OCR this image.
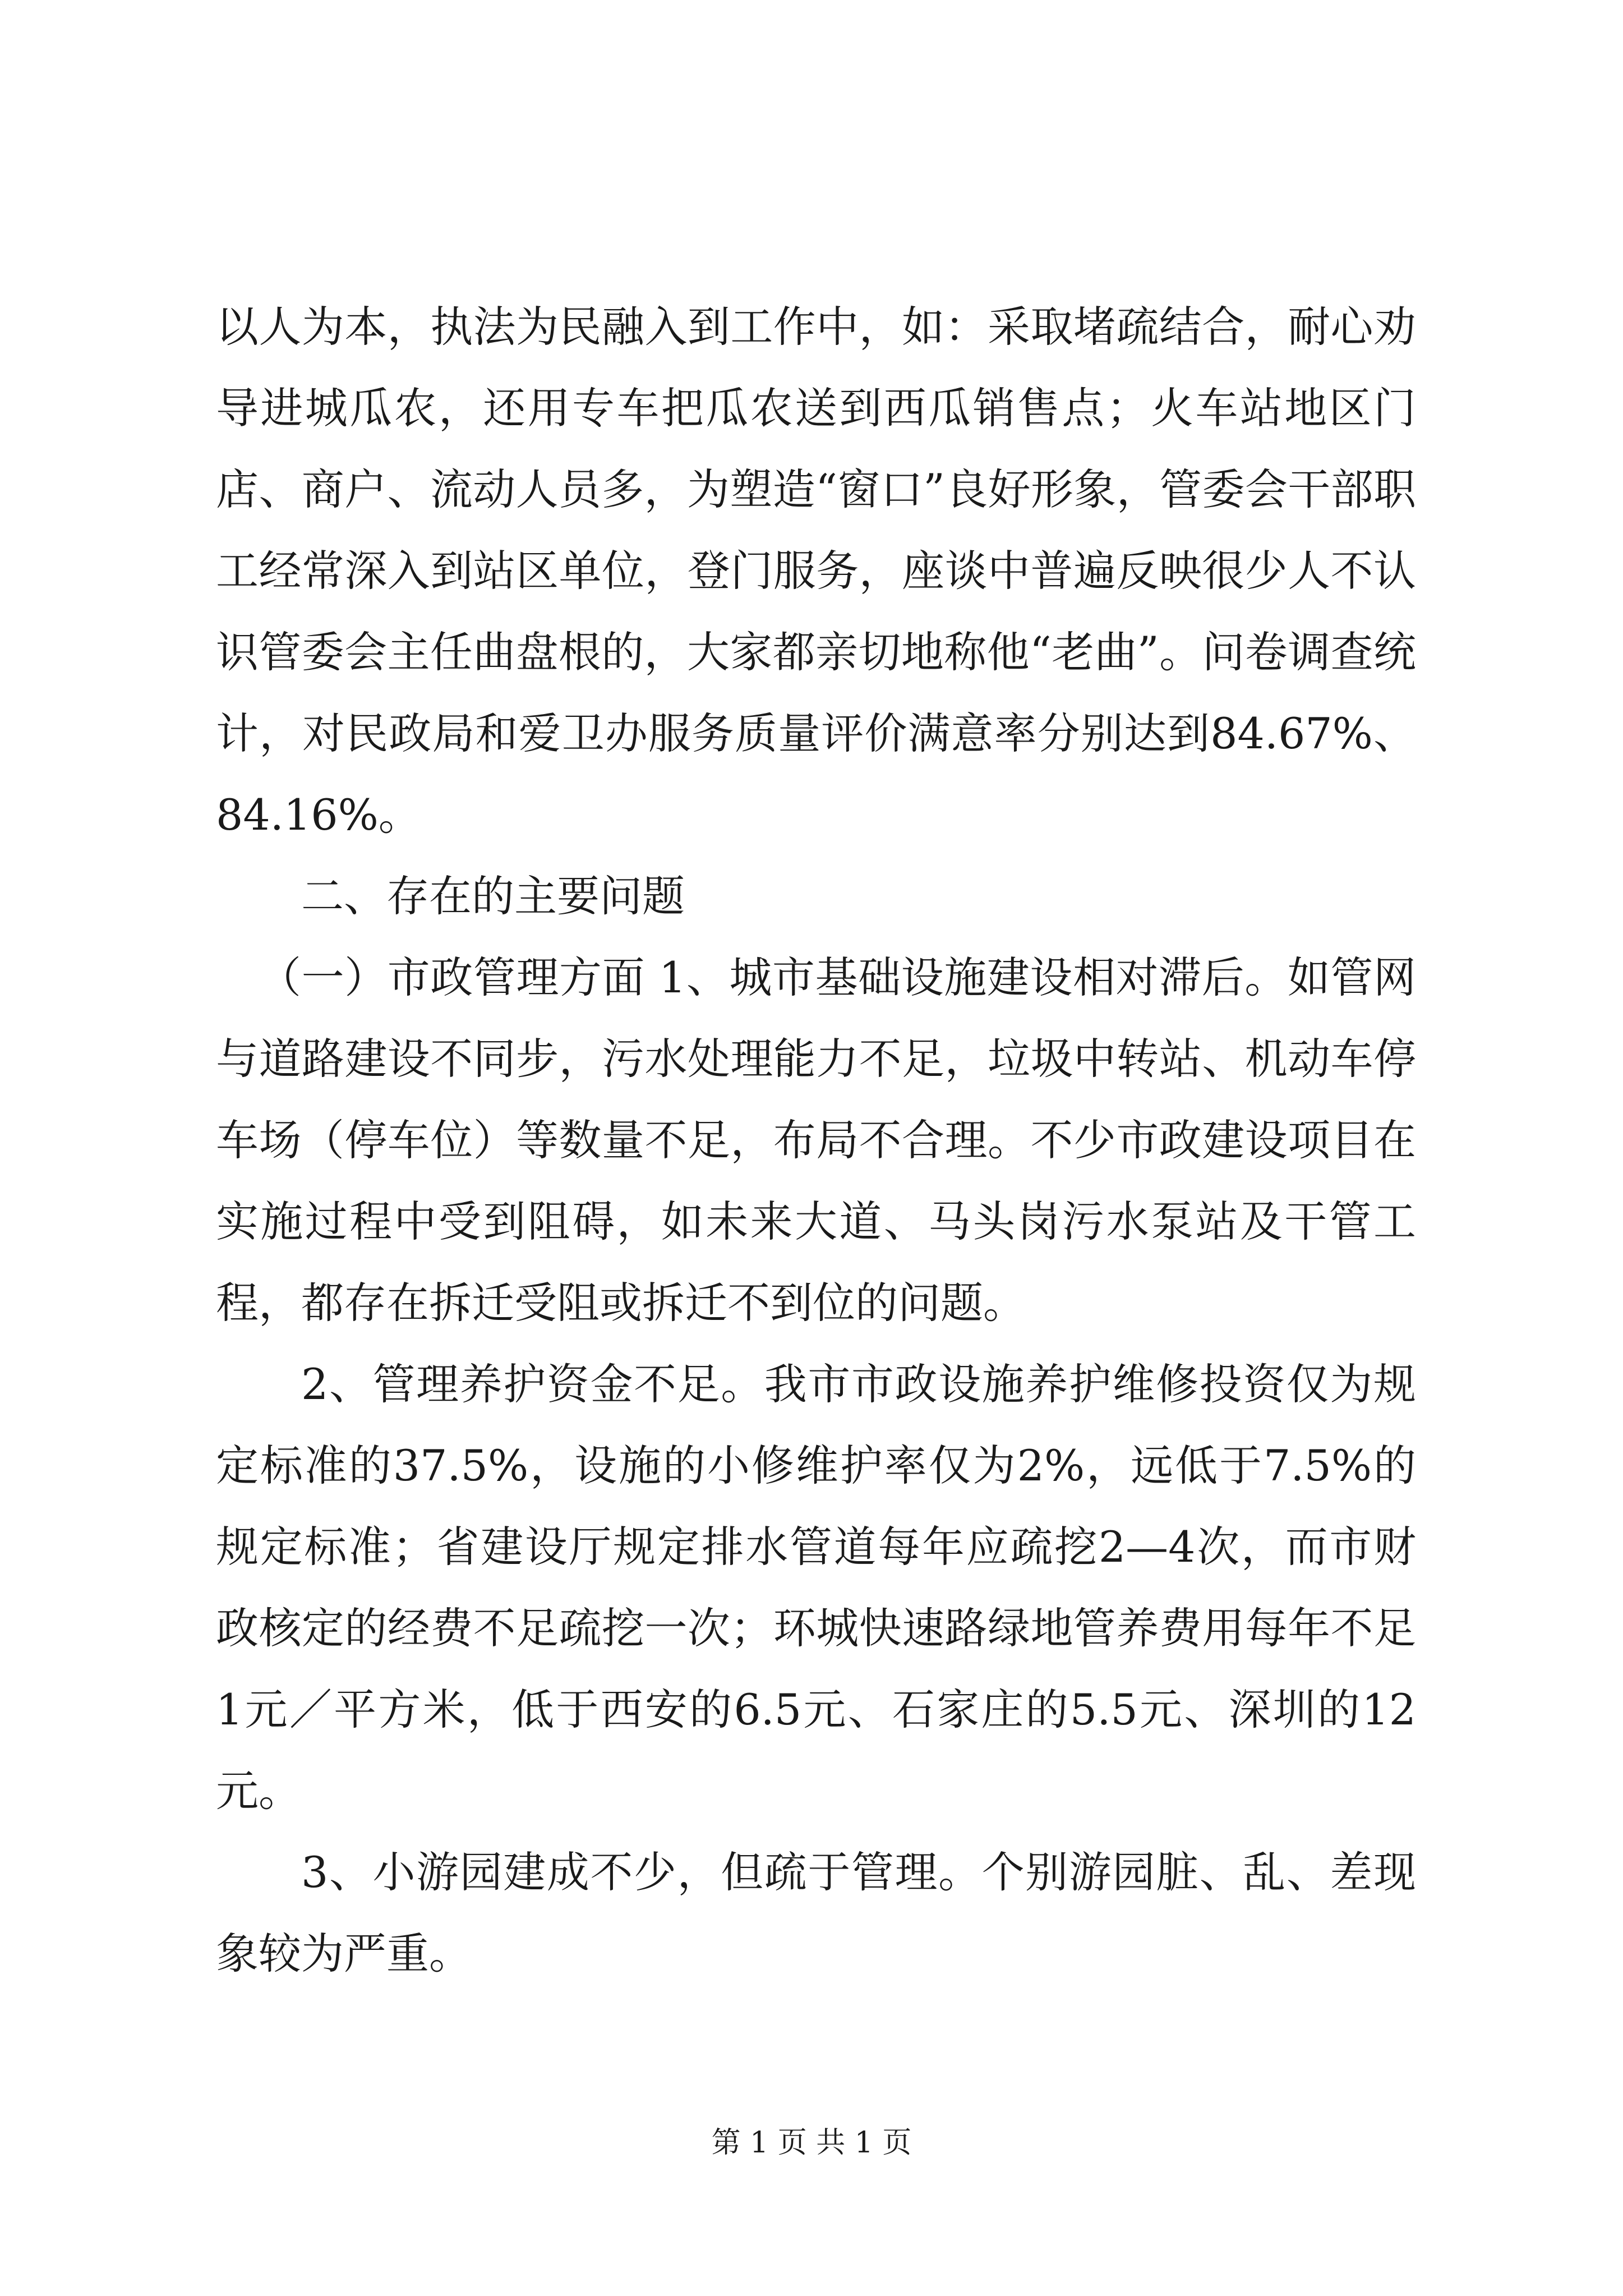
以人为本，执法为民融入到工作中，如：采取堵疏结合，耐心劝导进城瓜农，还用专车把瓜农送到西瓜销售点；火车站地区门店、商户、流动人员多，为塑造“窗口”良好形象，管委会干部职工经常深入到站区单位，登门服务，座谈中普遍反映很少人不认识管委会主任曲盘根的，大家都亲切地称他“老曲”。问卷调查统计，对民政局和爱卫办服务质量评价满意率分别达到84.67%、84.16%。

二、存在的主要问题

（一）市政管理方面 1、城市基础设施建设相对滞后。如管网与道路建设不同步，污水处理能力不足，垃圾中转站、机动车停车场（停车位）等数量不足，布局不合理。不少市政建设项目在实施过程中受到阻碍，如未来大道、马头岗污水泵站及干管工程，都存在拆迁受阻或拆迁不到位的问题。

2、管理养护资金不足。我市市政设施养护维修投资仅为规定标准的37.5%，设施的小修维护率仅为2%，远低于7.5%的规定标准；省建设厅规定排水管道每年应疏挖2—4次，而市财政核定的经费不足疏挖一次；环城快速路绿地管养费用每年不足1元／平方米，低于西安的6.5元、石家庄的5.5元、深圳的12元。

3、小游园建成不少，但疏于管理。个别游园脏、乱、差现象较为严重。

第 1 页 共 1 页
